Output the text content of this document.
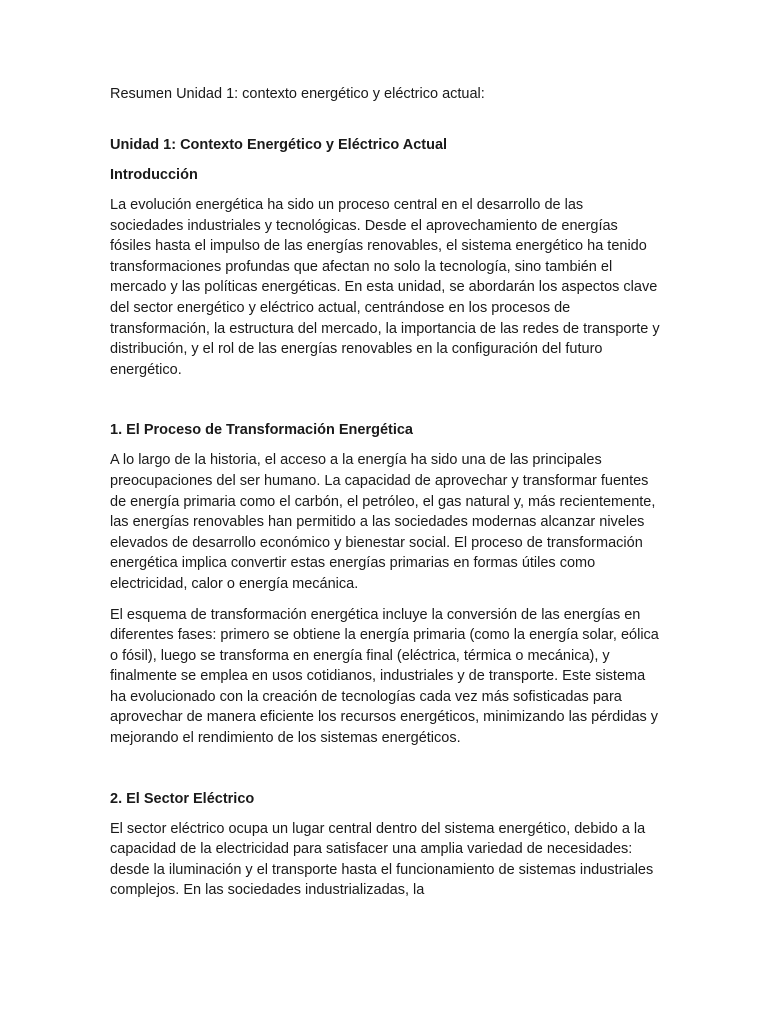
Resumen Unidad 1: contexto energético y eléctrico actual:

Unidad 1: Contexto Energético y Eléctrico Actual

Introducción

La evolución energética ha sido un proceso central en el desarrollo de las sociedades industriales y tecnológicas. Desde el aprovechamiento de energías fósiles hasta el impulso de las energías renovables, el sistema energético ha tenido transformaciones profundas que afectan no solo la tecnología, sino también el mercado y las políticas energéticas. En esta unidad, se abordarán los aspectos clave del sector energético y eléctrico actual, centrándose en los procesos de transformación, la estructura del mercado, la importancia de las redes de transporte y distribución, y el rol de las energías renovables en la configuración del futuro energético.

1. El Proceso de Transformación Energética

A lo largo de la historia, el acceso a la energía ha sido una de las principales preocupaciones del ser humano. La capacidad de aprovechar y transformar fuentes de energía primaria como el carbón, el petróleo, el gas natural y, más recientemente, las energías renovables han permitido a las sociedades modernas alcanzar niveles elevados de desarrollo económico y bienestar social. El proceso de transformación energética implica convertir estas energías primarias en formas útiles como electricidad, calor o energía mecánica.

El esquema de transformación energética incluye la conversión de las energías en diferentes fases: primero se obtiene la energía primaria (como la energía solar, eólica o fósil), luego se transforma en energía final (eléctrica, térmica o mecánica), y finalmente se emplea en usos cotidianos, industriales y de transporte. Este sistema ha evolucionado con la creación de tecnologías cada vez más sofisticadas para aprovechar de manera eficiente los recursos energéticos, minimizando las pérdidas y mejorando el rendimiento de los sistemas energéticos.

2. El Sector Eléctrico

El sector eléctrico ocupa un lugar central dentro del sistema energético, debido a la capacidad de la electricidad para satisfacer una amplia variedad de necesidades: desde la iluminación y el transporte hasta el funcionamiento de sistemas industriales complejos. En las sociedades industrializadas, la
